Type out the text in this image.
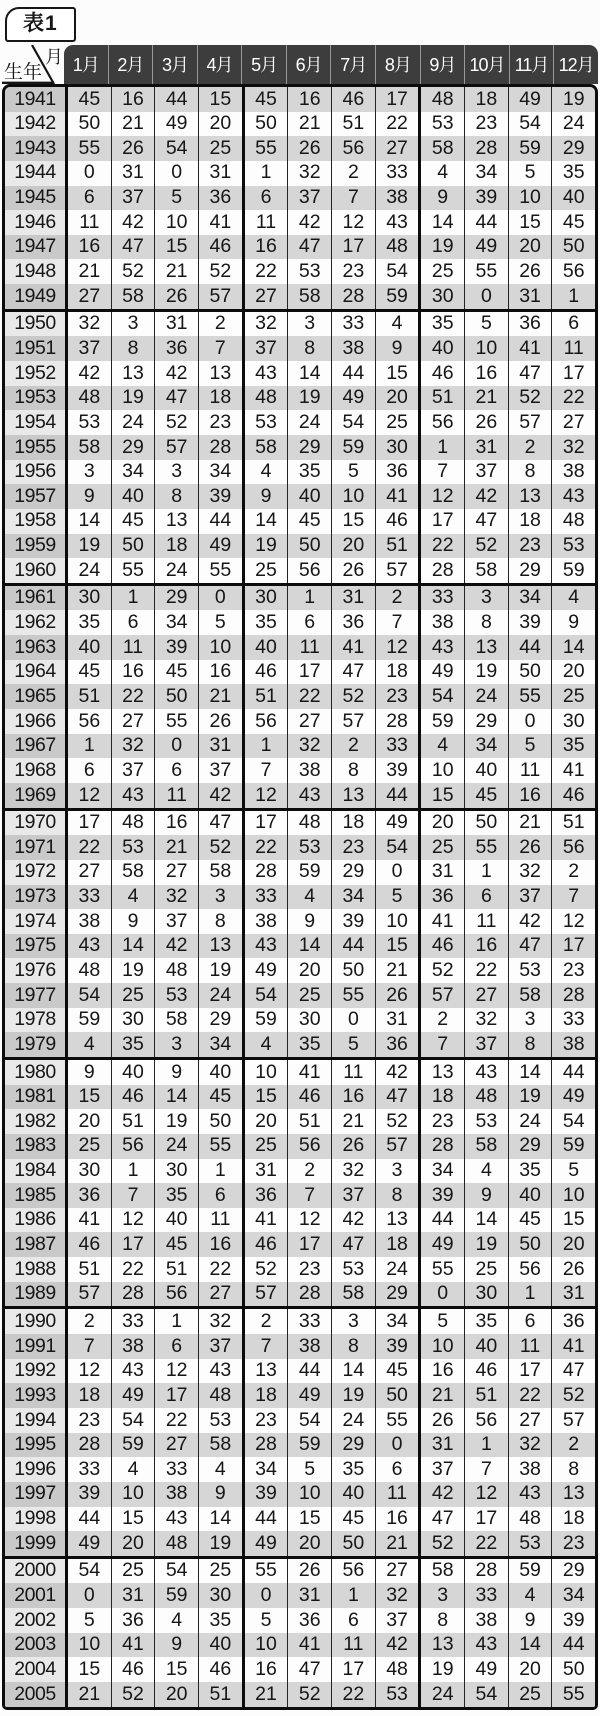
表1
月
生年	1月	2月	3月	4月	5月	6月	7月	8月	9月 10月 11月 12月
1941	45	16	44	15	45	16	46	17	48	18	49	19
1942	50	21	49	20	50	21	51	22	53	23	54	24
1943	55	26	54	25	55	26	56	27	58	28	59	29
1944	0	31	0	31	1	32	2	33	4	34	5	35
1945	6	37	5	36	6	37	7	38	9	39	10	40
1946	11	42	10	41	11	42	12	43	14	44	15	45
1947	16	47	15	46	16	47	17	48	19	49	20	50
1948	21	52	21	52	22	53	23	54	25	55	26	56
1949	27	58	26	57	27	58	28	59	30	0	31	1
1950	32	3	31	2	32	3	33	4	35	5	36	6
1951	37	8	36	7	37	8	38	9	40	10	41	11
1952	42	13	42	13	43	14	44	15	46	16	47	17
1953	48	19	47	18	48	19	49	20	51	21	52	22
1954	53	24	52	23	53	24	54	25	56	26	57	27
1955	58	29	57	28	58	29	59	30	1	31	2	32
1956	3	34	3	34	4	35	5	36	7	37	8	38
1957	9	40	8	39	9	40	10	41	12	42	13	43
1958	14	45	13	44	14	45	15	46	17	47	18	48
1959	19	50	18	49	19	50	20	51	22	52	23	53
1960	24	55	24	55	25	56	26	57	28	58	29	59
1961	30	1	29	0	30	1	31	2	33	3	34	4
1962	35	6	34	5	35	6	36	7	38	8	39	9
1963	40	11	39	10	40	11	41	12	43	13	44	14
1964	45	16	45	16	46	17	47	18	49	19	50	20
1965	51	22	50	21	51	22	52	23	54	24	55	25
1966	56	27	55	26	56	27	57	28	59	29	0	30
1967	1	32	0	31	1	32	2	33	4	34	5	35
1968	6	37	6	37	7	38	8	39	10	40	11	41
1969	12	43	11	42	12	43	13	44	15	45	16	46
1970	17	48	16	47	17	48	18	49	20	50	21	51
1971	22	53	21	52	22	53	23	54	25	55	26	56
1972	27	58	27	58	28	59	29	0	31	1	32	2
1973	33	4	32	3	33	4	34	5	36	6	37	7
1974	38	9	37	8	38	9	39	10	41	11	42	12
1975	43	14	42	13	43	14	44	15	46	16	47	17
1976	48	19	48	19	49	20	50	21	52	22	53	23
1977	54	25	53	24	54	25	55	26	57	27	58	28
1978	59	30	58	29	59	30	0	31	2	32	3	33
1979	4	35	3	34	4	35	5	36	7	37	8	38
1980	9	40	9	40	10	41	11	42	13	43	14	44
1981	15	46	14	45	15	46	16	47	18	48	19	49
1982	20	51	19	50	20	51	21	52	23	53	24	54
1983	25	56	24	55	25	56	26	57	28	58	29	59
1984	30	1	30	1	31	2	32	3	34	4	35	5
1985	36	7	35	6	36	7	37	8	39	9	40	10
1986	41	12	40	11	41	12	42	13	44	14	45	15
1987	46	17	45	16	46	17	47	18	49	19	50	20
1988	51	22	51	22	52	23	53	24	55	25	56	26
1989	57	28	56	27	57	28	58	29	0	30	1	31
1990	2	33	1	32	2	33	3	34	5	35	6	36
1991	7	38	6	37	7	38	8	39	10	40	11	41
1992	12	43	12	43	13	44	14	45	16	46	17	47
1993	18	49	17	48	18	49	19	50	21	51	22	52
1994	23	54	22	53	23	54	24	55	26	56	27	57
1995	28	59	27	58	28	59	29	0	31	1	32	2
1996	33	4	33	4	34	5	35	6	37	7	38	8
1997	39	10	38	9	39	10	40	11	42	12	43	13
1998	44	15	43	14	44	15	45	16	47	17	48	18
1999	49	20	48	19	49	20	50	21	52	22	53	23
2000	54	25	54	25	55	26	56	27	58	28	59	29
2001	0	31	59	30	0	31	1	32	3	33	4	34
2002	5	36	4	35	5	36	6	37	8	38	9	39
2003	10	41	9	40	10	41	11	42	13	43	14	44
2004	15	46	15	46	16	47	17	48	19	49	20	50
2005	21	52	20	51	21	52	22	53	24	54	25	55
